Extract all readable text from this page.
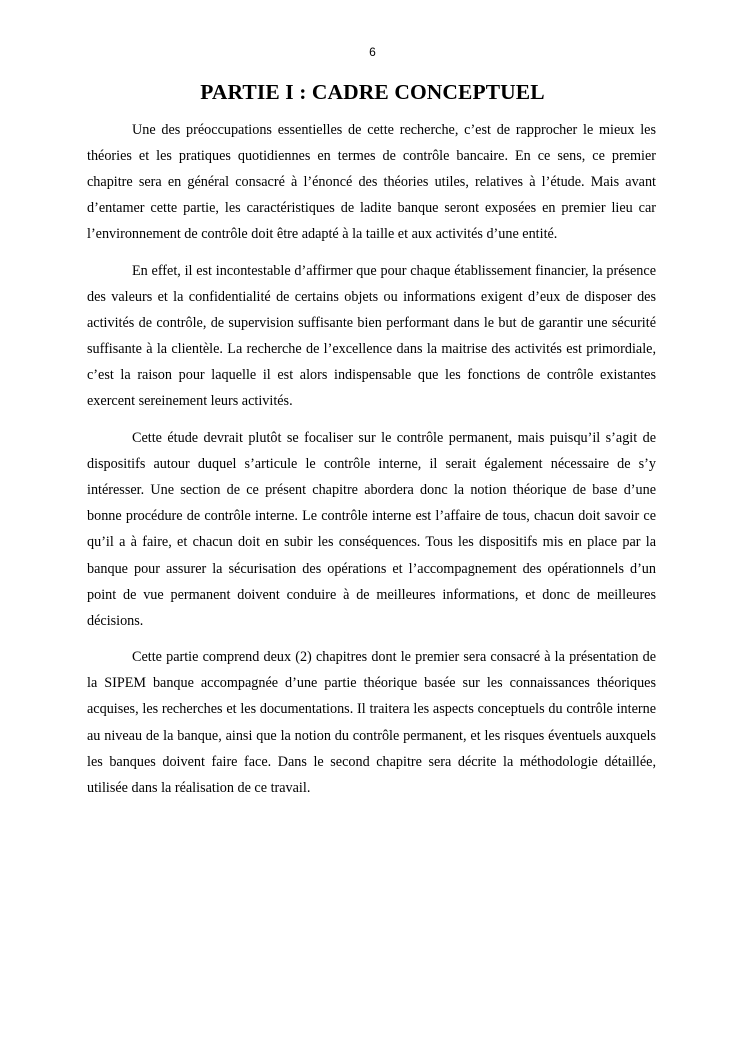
6
PARTIE I : CADRE CONCEPTUEL

Une des préoccupations essentielles de cette recherche, c’est de rapprocher le mieux les théories et les pratiques quotidiennes en termes de contrôle bancaire. En ce sens, ce premier chapitre sera en général consacré à l’énoncé des théories utiles, relatives à l’étude. Mais avant d’entamer cette partie, les caractéristiques de ladite banque seront exposées en premier lieu car l’environnement de contrôle doit être adapté à la taille et aux activités d’une entité.

En effet, il est incontestable d’affirmer que pour chaque établissement financier, la présence des valeurs et la confidentialité de certains objets ou informations exigent d’eux de disposer des activités de contrôle, de supervision suffisante bien performant dans le but de garantir une sécurité suffisante à la clientèle. La recherche de l’excellence dans la maitrise des activités est primordiale, c’est la raison pour laquelle il est alors indispensable que les fonctions de contrôle existantes exercent sereinement leurs activités.

Cette étude devrait plutôt se focaliser sur le contrôle permanent, mais puisqu’il s’agit de dispositifs autour duquel s’articule le contrôle interne, il serait également nécessaire de s’y intéresser. Une section de ce présent chapitre abordera donc la notion théorique de base d’une bonne procédure de contrôle interne. Le contrôle interne est l’affaire de tous, chacun doit savoir ce qu’il a à faire, et chacun doit en subir les conséquences. Tous les dispositifs mis en place par la banque pour assurer la sécurisation des opérations et l’accompagnement des opérationnels d’un point de vue permanent doivent conduire à de meilleures informations, et donc de meilleures décisions.

Cette partie comprend deux (2) chapitres dont le premier sera consacré à la présentation de la SIPEM banque accompagnée d’une partie théorique basée sur les connaissances théoriques acquises, les recherches et les documentations. Il traitera les aspects conceptuels du contrôle interne au niveau de la banque, ainsi que la notion du contrôle permanent, et les risques éventuels auxquels les banques doivent faire face. Dans le second chapitre sera décrite la méthodologie détaillée, utilisée dans la réalisation de ce travail.
